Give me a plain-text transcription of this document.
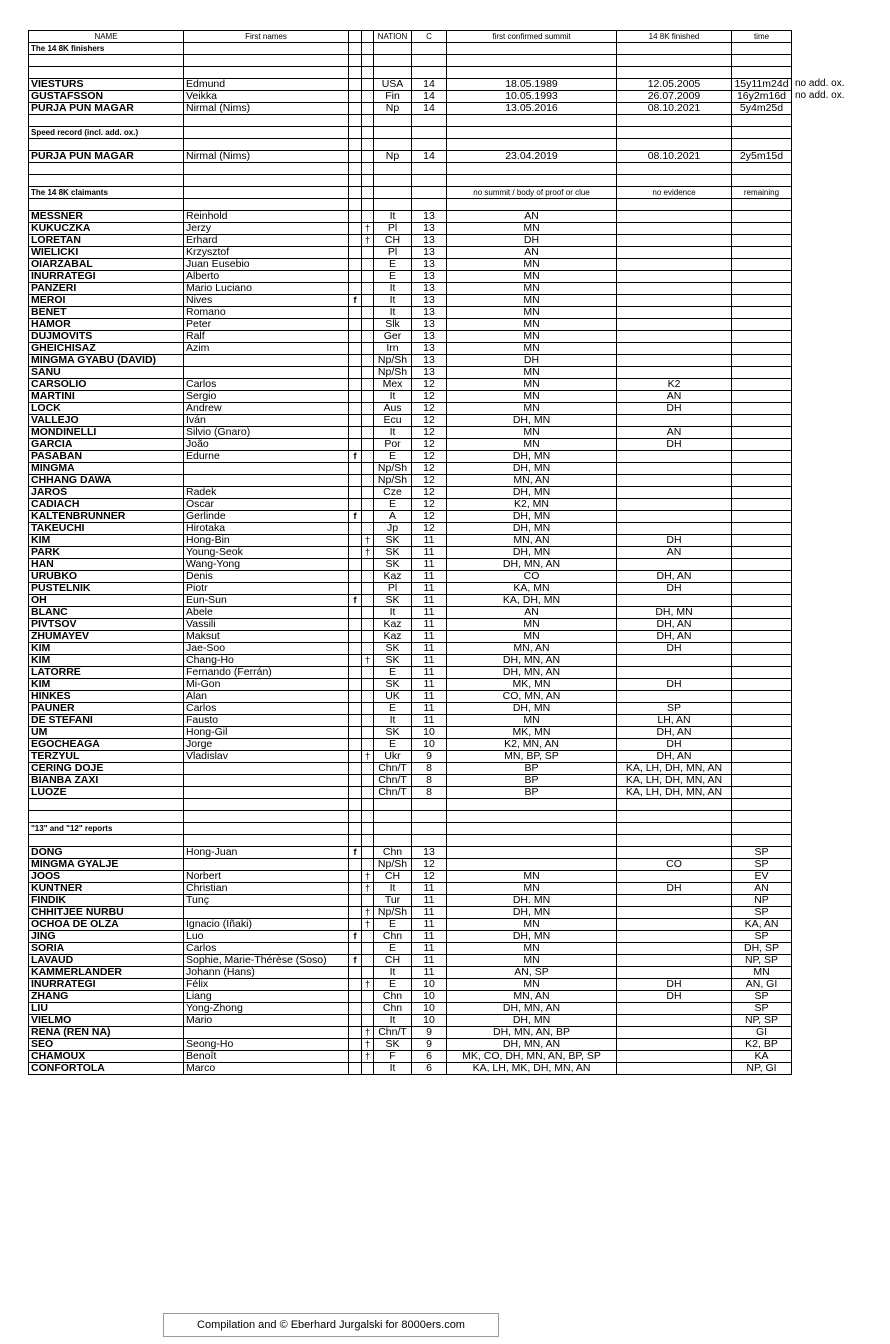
NAME	First names			NATION	C	first confirmed summit	14 8K finished	time
The 14 8K finishers								

VIESTURS	Edmund			USA	14	18.05.1989	12.05.2005	15y11m24d
GUSTAFSSON	Veikka			Fin	14	10.05.1993	26.07.2009	16y2m16d
PURJA PUN MAGAR	Nirmal (Nims)			Np	14	13.05.2016	08.10.2021	5y4m25d

Speed record (incl. add. ox.)								

PURJA PUN MAGAR	Nirmal (Nims)			Np	14	23.04.2019	08.10.2021	2y5m15d

The 14 8K claimants						no summit / body of proof or clue	no evidence	remaining

MESSNER	Reinhold			It	13	AN		
KUKUCZKA	Jerzy		†	Pl	13	MN		
LORETAN	Erhard		†	CH	13	DH		
WIELICKI	Krzysztof			Pl	13	AN		
OIARZABAL	Juan Eusebio			E	13	MN		
INURRATEGI	Alberto			E	13	MN		
PANZERI	Mario Luciano			It	13	MN		
MEROI	Nives	f		It	13	MN		
BENET	Romano			It	13	MN		
HÁMOR	Peter			Slk	13	MN		
DUJMOVITS	Ralf			Ger	13	MN		
GHEICHISAZ	Azim			Irn	13	MN		
MINGMA GYABU (DAVID)				Np/Sh	13	DH		
SANU				Np/Sh	13	MN		
CARSOLIO	Carlos			Mex	12	MN	K2	
MARTINI	Sergio			It	12	MN	AN	
LOCK	Andrew			Aus	12	MN	DH	
VALLEJO	Iván			Ecu	12	DH, MN		
MONDINELLI	Silvio (Gnaro)			It	12	MN	AN	
GARCIA	João			Por	12	MN	DH	
PASABAN	Edurne	f		E	12	DH, MN		
MINGMA				Np/Sh	12	DH, MN		
CHHANG DAWA				Np/Sh	12	MN, AN		
JAROŠ	Radek			Cze	12	DH, MN		
CADIACH	Óscar			E	12	K2, MN		
KALTENBRUNNER	Gerlinde	f		A	12	DH, MN		
TAKEUCHI	Hirotaka			Jp	12	DH, MN		
KIM	Hong-Bin		†	SK	11	MN, AN	DH	
PARK	Young-Seok		†	SK	11	DH, MN	AN	
HAN	Wang-Yong			SK	11	DH, MN, AN		
URUBKO	Denis			Kaz	11	CO	DH, AN	
PUSTELNIK	Piotr			Pl	11	KA, MN	DH	
OH	Eun-Sun	f		SK	11	KA, DH, MN		
BLANC	Abele			It	11	AN	DH, MN	
PIVTSOV	Vassili			Kaz	11	MN	DH, AN	
ZHUMAYEV	Maksut			Kaz	11	MN	DH, AN	
KIM	Jae-Soo			SK	11	MN, AN	DH	
KIM	Chang-Ho		†	SK	11	DH, MN, AN		
LATORRE	Fernando (Ferrán)			E	11	DH, MN, AN		
KIM	Mi-Gon			SK	11	MK, MN	DH	
HINKES	Alan			UK	11	CO, MN, AN		
PAUNER	Carlos			E	11	DH, MN	SP	
DE STEFANI	Fausto			It	11	MN	LH, AN	
UM	Hong-Gil			SK	10	MK, MN	DH, AN	
EGOCHEAGA	Jorge			E	10	K2, MN, AN	DH	
TERZYUL	Vladislav		†	Ukr	9	MN, BP, SP	DH, AN	
CERING DOJE				Chn/T	8	BP	KA, LH, DH, MN, AN	
BIANBA ZAXI				Chn/T	8	BP	KA, LH, DH, MN, AN	
LUOZE				Chn/T	8	BP	KA, LH, DH, MN, AN	

"13" and "12" reports								

DONG	Hong-Juan	f		Chn	13			SP
MINGMA GYALJE				Np/Sh	12		CO	SP
JOOS	Norbert		†	CH	12	MN		EV
KUNTNER	Christian		†	It	11	MN	DH	AN
FINDIK	Tunç			Tur	11	DH. MN		NP
CHHITJEE NURBU			†	Np/Sh	11	DH, MN		SP
OCHOA DE OLZA	Ignacio (Iñaki)		†	E	11	MN		KA, AN
JING	Luo	f		Chn	11	DH, MN		SP
SORIA	Carlos			E	11	MN		DH, SP
LAVAUD	Sophie, Marie-Thérèse (Soso)	f		CH	11	MN		NP, SP
KAMMERLANDER	Johann (Hans)			It	11	AN, SP		MN
INURRATEGI	Félix		†	E	10	MN	DH	AN, GI
ZHANG	Liang			Chn	10	MN, AN	DH	SP
LIU	Yong-Zhong			Chn	10	DH, MN, AN		SP
VIELMO	Mario			It	10	DH, MN		NP, SP
RENA (REN NA)			†	Chn/T	9	DH, MN, AN, BP		GI
SEO	Seong-Ho		†	SK	9	DH, MN, AN		K2, BP
CHAMOUX	Benoît		†	F	6	MK, CO, DH, MN, AN, BP, SP		KA
CONFORTOLA	Marco			It	6	KA, LH, MK, DH, MN, AN		NP, GI
no add. ox.
no add. ox.
Compilation and © Eberhard Jurgalski for 8000ers.com
